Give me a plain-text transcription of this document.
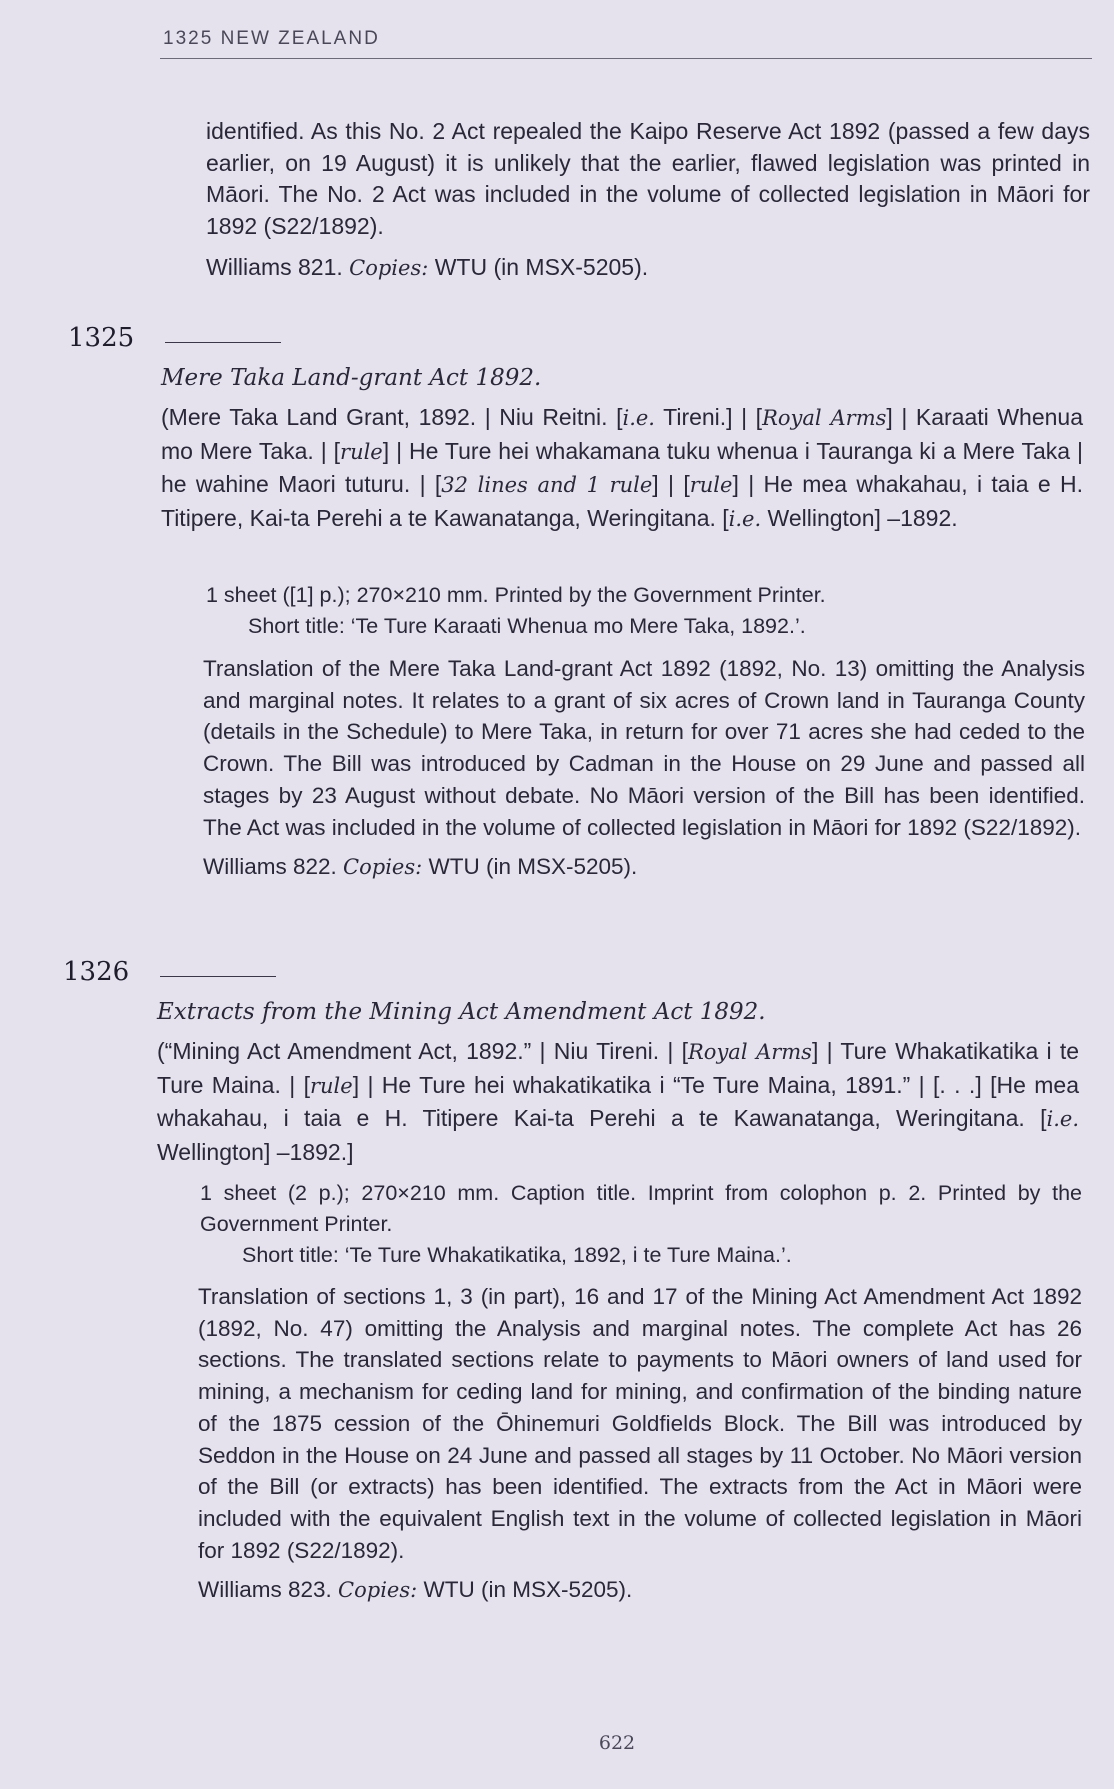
1325 NEW ZEALAND

identified. As this No. 2 Act repealed the Kaipo Reserve Act 1892 (passed a few days earlier, on 19 August) it is unlikely that the earlier, flawed legislation was printed in Māori. The No. 2 Act was included in the volume of collected legislation in Māori for 1892 (S22/1892).

Williams 821. Copies: WTU (in MSX-5205).

1325
Mere Taka Land-grant Act 1892.
(Mere Taka Land Grant, 1892. | Niu Reitni. [i.e. Tireni.] | [Royal Arms] | Karaati Whenua mo Mere Taka. | [rule] | He Ture hei whakamana tuku whenua i Tauranga ki a Mere Taka | he wahine Maori tuturu. | [32 lines and 1 rule] | [rule] | He mea whakahau, i taia e H. Titipere, Kai-ta Perehi a te Kawanatanga, Weringitana. [i.e. Wellington] –1892.

1 sheet ([1] p.); 270×210 mm. Printed by the Government Printer.

Short title: ‘Te Ture Karaati Whenua mo Mere Taka, 1892.’.

Translation of the Mere Taka Land-grant Act 1892 (1892, No. 13) omitting the Analysis and marginal notes. It relates to a grant of six acres of Crown land in Tauranga County (details in the Schedule) to Mere Taka, in return for over 71 acres she had ceded to the Crown. The Bill was introduced by Cadman in the House on 29 June and passed all stages by 23 August without debate. No Māori version of the Bill has been identified. The Act was included in the volume of collected legislation in Māori for 1892 (S22/1892).

Williams 822. Copies: WTU (in MSX-5205).

1326
Extracts from the Mining Act Amendment Act 1892.
(“Mining Act Amendment Act, 1892.” | Niu Tireni. | [Royal Arms] | Ture Whakatikatika i te Ture Maina. | [rule] | He Ture hei whakatikatika i “Te Ture Maina, 1891.” | [. . .] [He mea whakahau, i taia e H. Titipere Kai-ta Perehi a te Kawanatanga, Weringitana. [i.e. Wellington] –1892.]

1 sheet (2 p.); 270×210 mm. Caption title. Imprint from colophon p. 2. Printed by the Government Printer.

Short title: ‘Te Ture Whakatikatika, 1892, i te Ture Maina.’.

Translation of sections 1, 3 (in part), 16 and 17 of the Mining Act Amendment Act 1892 (1892, No. 47) omitting the Analysis and marginal notes. The complete Act has 26 sections. The translated sections relate to payments to Māori owners of land used for mining, a mechanism for ceding land for mining, and confirmation of the binding nature of the 1875 cession of the Ōhinemuri Goldfields Block. The Bill was introduced by Seddon in the House on 24 June and passed all stages by 11 October. No Māori version of the Bill (or extracts) has been identified. The extracts from the Act in Māori were included with the equivalent English text in the volume of collected legislation in Māori for 1892 (S22/1892).

Williams 823. Copies: WTU (in MSX-5205).

622
